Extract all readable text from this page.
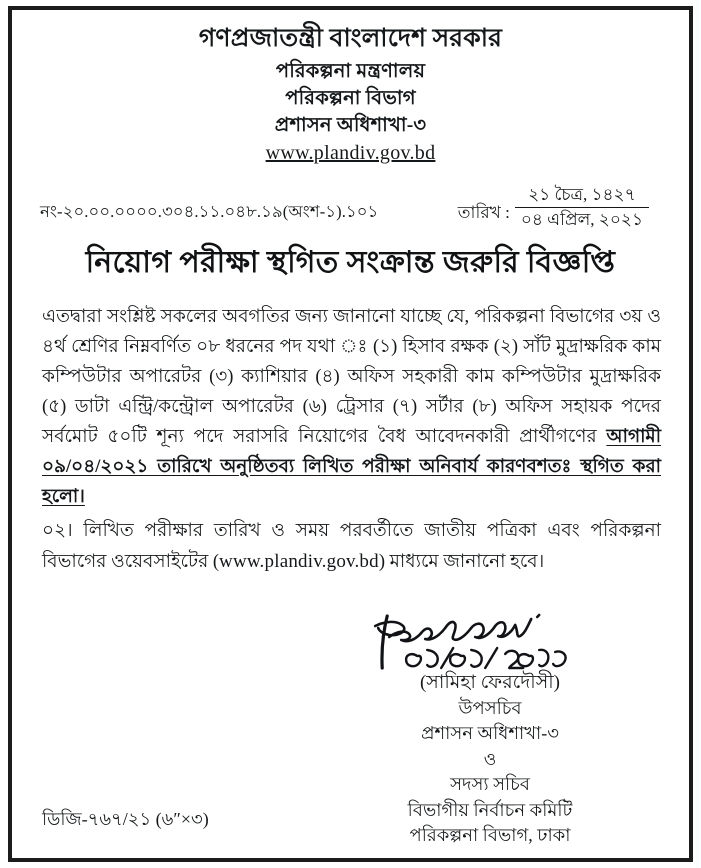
গণপ্রজাতন্ত্রী বাংলাদেশ সরকার
পরিকল্পনা মন্ত্রণালয়
পরিকল্পনা বিভাগ
প্রশাসন অধিশাখা-৩
www.plandiv.gov.bd
নং-২০.০০.০০০০.৩০৪.১১.০৪৮.১৯(অংশ-১).১০১	তারিখ :
২১ চৈত্র, ১৪২৭
০৪ এপ্রিল, ২০২১
নিয়োগ পরীক্ষা স্থগিত সংক্রান্ত জরুরি বিজ্ঞপ্তি

এতদ্বারা সংশ্লিষ্ট সকলের অবগতির জন্য জানানো যাচ্ছে যে, পরিকল্পনা বিভাগের ৩য় ও ৪র্থ শ্রেণির নিম্নবর্ণিত ০৮ ধরনের পদ যথা ঃ (১) হিসাব রক্ষক (২) সাঁট মুদ্রাক্ষরিক কাম কম্পিউটার অপারেটর (৩) ক্যাশিয়ার (৪) অফিস সহকারী কাম কম্পিউটার মুদ্রাক্ষরিক (৫) ডাটা এন্ট্রি/কন্ট্রোল অপারেটর (৬) ট্রেসার (৭) সর্টার (৮) অফিস সহায়ক পদের সর্বমোট ৫০টি শূন্য পদে সরাসরি নিয়োগের বৈধ আবেদনকারী প্রার্থীগণের আগামী ০৯/০৪/২০২১ তারিখে অনুষ্ঠিতব্য লিখিত পরীক্ষা অনিবার্য কারণবশতঃ স্থগিত করা হলো।

০২। লিখিত পরীক্ষার তারিখ ও সময় পরবর্তীতে জাতীয় পত্রিকা এবং পরিকল্পনা বিভাগের ওয়েবসাইটের (www.plandiv.gov.bd) মাধ্যমে জানানো হবে।

(সামিহা ফেরদৌসী)
উপসচিব
প্রশাসন অধিশাখা-৩
ও
সদস্য সচিব
বিভাগীয় নির্বাচন কমিটি
পরিকল্পনা বিভাগ, ঢাকা
ডিজি-৭৬৭/২১ (৬″×৩)
